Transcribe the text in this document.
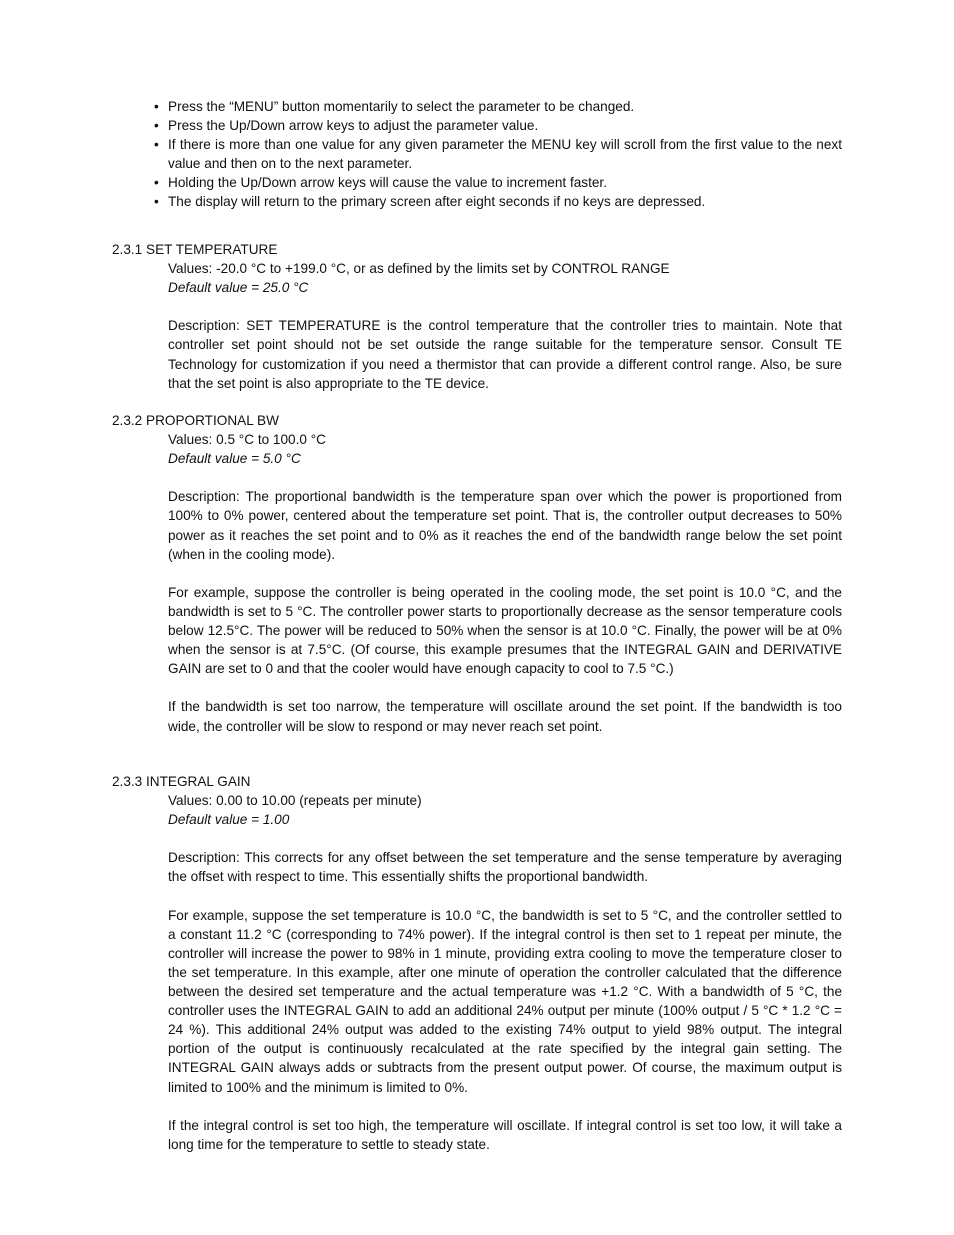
• Press the “MENU” button momentarily to select the parameter to be changed.
• Press the Up/Down arrow keys to adjust the parameter value.
• If there is more than one value for any given parameter the MENU key will scroll from the first value to the next value and then on to the next parameter.
• Holding the Up/Down arrow keys will cause the value to increment faster.
• The display will return to the primary screen after eight seconds if no keys are depressed.
2.3.1 SET TEMPERATURE
Values: -20.0 °C to +199.0 °C, or as defined by the limits set by CONTROL RANGE
Default value = 25.0 °C
Description: SET TEMPERATURE is the control temperature that the controller tries to maintain. Note that controller set point should not be set outside the range suitable for the temperature sensor. Consult TE Technology for customization if you need a thermistor that can provide a different control range. Also, be sure that the set point is also appropriate to the TE device.
2.3.2 PROPORTIONAL BW
Values: 0.5 °C to 100.0 °C
Default value = 5.0 °C
Description: The proportional bandwidth is the temperature span over which the power is proportioned from 100% to 0% power, centered about the temperature set point. That is, the controller output decreases to 50% power as it reaches the set point and to 0% as it reaches the end of the bandwidth range below the set point (when in the cooling mode).
For example, suppose the controller is being operated in the cooling mode, the set point is 10.0 °C, and the bandwidth is set to 5 °C. The controller power starts to proportionally decrease as the sensor temperature cools below 12.5°C. The power will be reduced to 50% when the sensor is at 10.0 °C. Finally, the power will be at 0% when the sensor is at 7.5°C. (Of course, this example presumes that the INTEGRAL GAIN and DERIVATIVE GAIN are set to 0 and that the cooler would have enough capacity to cool to 7.5 °C.)
If the bandwidth is set too narrow, the temperature will oscillate around the set point. If the bandwidth is too wide, the controller will be slow to respond or may never reach set point.
2.3.3 INTEGRAL GAIN
Values: 0.00 to 10.00 (repeats per minute)
Default value = 1.00
Description: This corrects for any offset between the set temperature and the sense temperature by averaging the offset with respect to time. This essentially shifts the proportional bandwidth.
For example, suppose the set temperature is 10.0 °C, the bandwidth is set to 5 °C, and the controller settled to a constant 11.2 °C (corresponding to 74% power). If the integral control is then set to 1 repeat per minute, the controller will increase the power to 98% in 1 minute, providing extra cooling to move the temperature closer to the set temperature. In this example, after one minute of operation the controller calculated that the difference between the desired set temperature and the actual temperature was +1.2 °C. With a bandwidth of 5 °C, the controller uses the INTEGRAL GAIN to add an additional 24% output per minute (100% output / 5 °C * 1.2 °C = 24 %). This additional 24% output was added to the existing 74% output to yield 98% output. The integral portion of the output is continuously recalculated at the rate specified by the integral gain setting. The INTEGRAL GAIN always adds or subtracts from the present output power. Of course, the maximum output is limited to 100% and the minimum is limited to 0%.
If the integral control is set too high, the temperature will oscillate. If integral control is set too low, it will take a long time for the temperature to settle to steady state.
